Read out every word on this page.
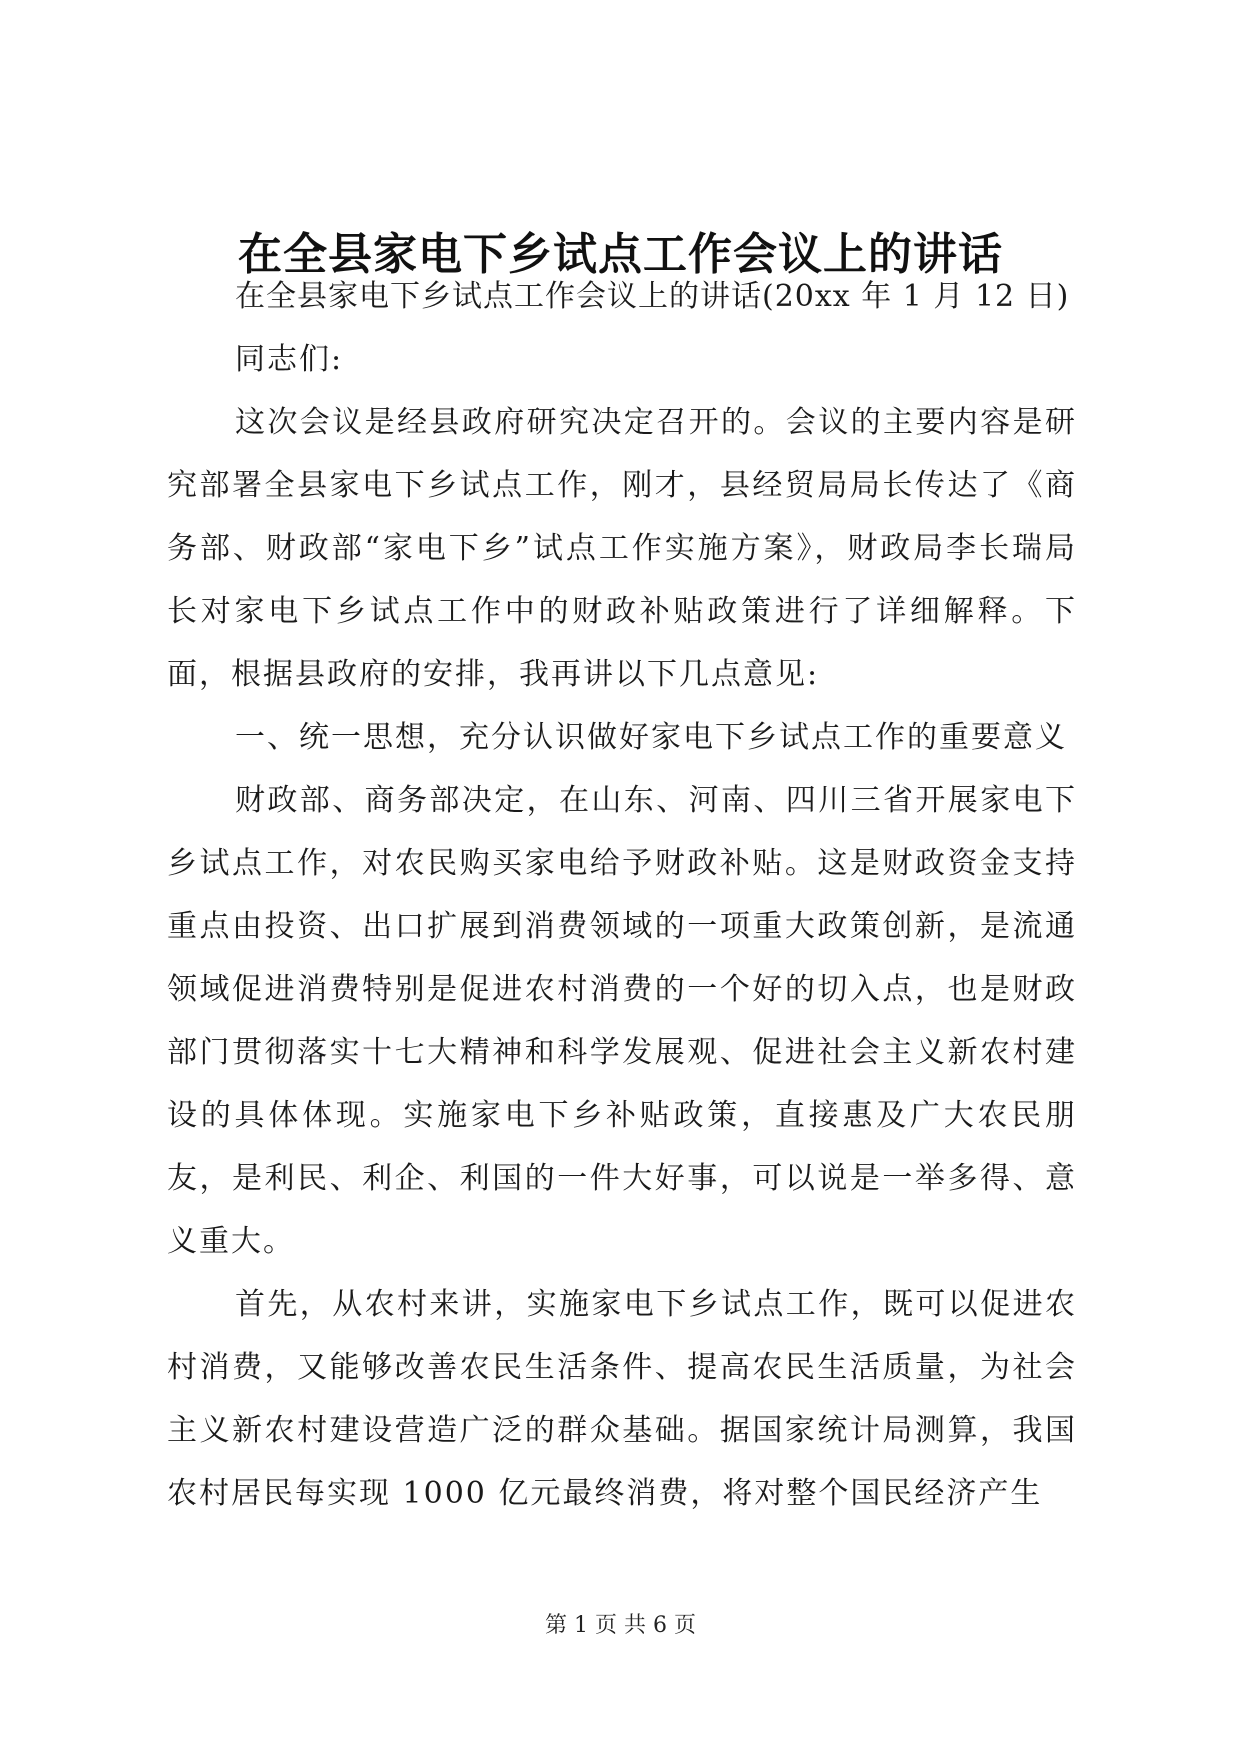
在全县家电下乡试点工作会议上的讲话

在全县家电下乡试点工作会议上的讲话(20xx 年 1 月 12 日)

同志们:

这次会议是经县政府研究决定召开的。会议的主要内容是研究部署全县家电下乡试点工作，刚才，县经贸局局长传达了《商务部、财政部“家电下乡”试点工作实施方案》，财政局李长瑞局长对家电下乡试点工作中的财政补贴政策进行了详细解释。下面，根据县政府的安排，我再讲以下几点意见:

一、统一思想，充分认识做好家电下乡试点工作的重要意义

财政部、商务部决定，在山东、河南、四川三省开展家电下乡试点工作，对农民购买家电给予财政补贴。这是财政资金支持重点由投资、出口扩展到消费领域的一项重大政策创新，是流通领域促进消费特别是促进农村消费的一个好的切入点，也是财政部门贯彻落实十七大精神和科学发展观、促进社会主义新农村建设的具体体现。实施家电下乡补贴政策，直接惠及广大农民朋友，是利民、利企、利国的一件大好事，可以说是一举多得、意义重大。

首先，从农村来讲，实施家电下乡试点工作，既可以促进农村消费，又能够改善农民生活条件、提高农民生活质量，为社会主义新农村建设营造广泛的群众基础。据国家统计局测算，我国农村居民每实现 1000 亿元最终消费，将对整个国民经济产生

第 1 页 共 6 页
